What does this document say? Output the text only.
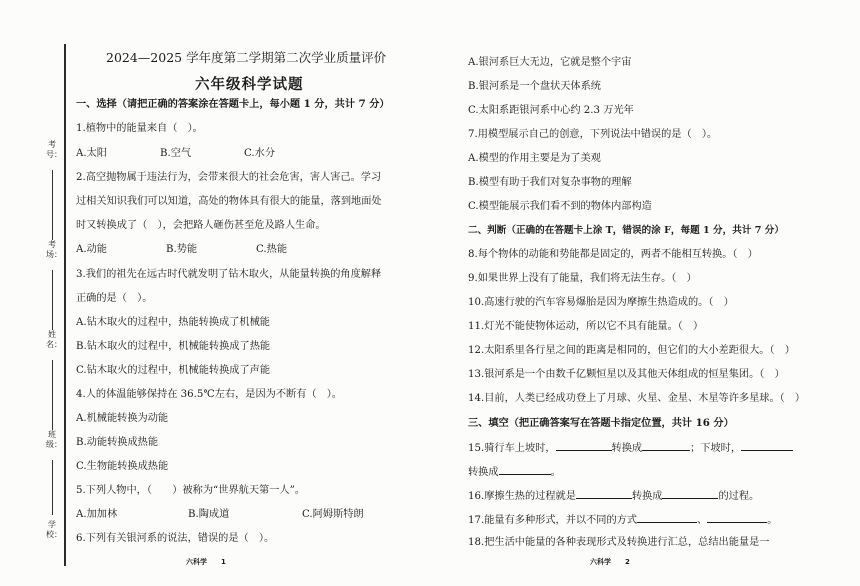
考号：
考场：
姓名：
班级：
学校：
2024—2025 学年度第二学期第二次学业质量评价
六年级科学试题
一、选择（请把正确的答案涂在答题卡上，每小题 1 分，共计 7 分）
1.植物中的能量来自（　）。
A.太阳	B.空气	C.水分
2.高空抛物属于违法行为，会带来很大的社会危害，害人害己。学习
过相关知识我们可以知道，高处的物体具有很大的能量，落到地面处
时又转换成了（　），会把路人砸伤甚至危及路人生命。
A.动能	B.势能	C.热能
3.我们的祖先在远古时代就发明了钻木取火，从能量转换的角度解释
正确的是（　）。
A.钻木取火的过程中，热能转换成了机械能
B.钻木取火的过程中，机械能转换成了热能
C.钻木取火的过程中，机械能转换成了声能
4.人的体温能够保持在 36.5℃左右，是因为不断有（　）。
A.机械能转换为动能
B.动能转换成热能
C.生物能转换成热能
5.下列人物中，（　　）被称为“世界航天第一人”。
A.加加林	B.陶成道	C.阿姆斯特朗
6.下列有关银河系的说法，错误的是（　）。
六科学　　1
A.银河系巨大无边，它就是整个宇宙
B.银河系是一个盘状天体系统
C.太阳系距银河系中心约 2.3 万光年
7.用模型展示自己的创意，下列说法中错误的是（　）。
A.模型的作用主要是为了美观
B.模型有助于我们对复杂事物的理解
C.模型能展示我们看不到的物体内部构造
二、判断（正确的在答题卡上涂 T，错误的涂 F，每题 1 分，共计 7 分）
8.每个物体的动能和势能都是固定的，两者不能相互转换。（　）
9.如果世界上没有了能量，我们将无法生存。（　）
10.高速行驶的汽车容易爆胎是因为摩擦生热造成的。（　）
11.灯光不能使物体运动，所以它不具有能量。（　）
12.太阳系里各行星之间的距离是相同的，但它们的大小差距很大。（　）
13.银河系是一个由数千亿颗恒星以及其他天体组成的恒星集团。（　）
14.目前，人类已经成功登上了月球、火星、金星、木星等许多星球。（　）
三、填空（把正确答案写在答题卡指定位置，共计 16 分）
15.骑行车上坡时，	转换成	；下坡时，
转换成	。
16.摩擦生热的过程就是	转换成	的过程。
17.能量有多种形式，并以不同的方式	、	。
18.把生活中能量的各种表现形式及转换进行汇总，总结出能量是一
六科学　　2
